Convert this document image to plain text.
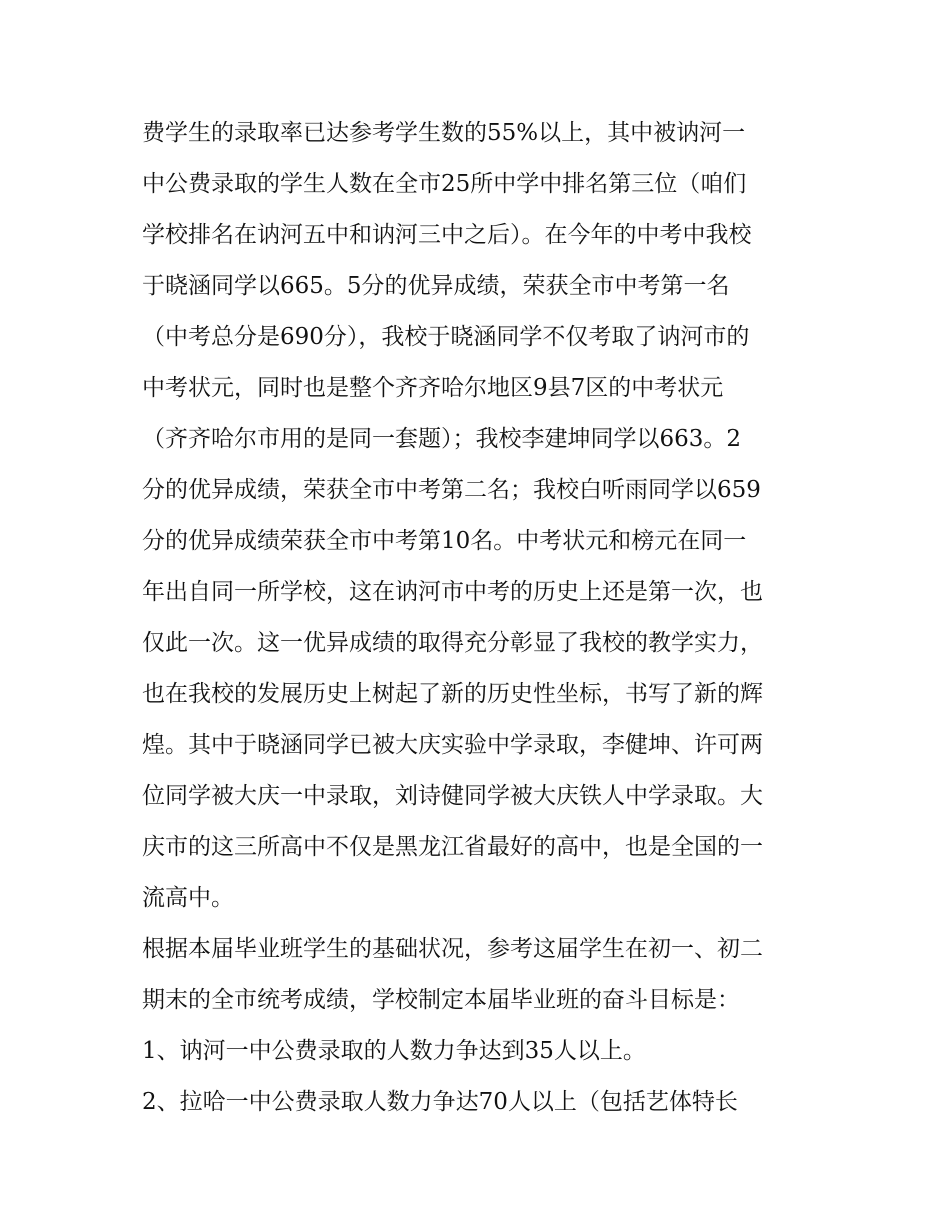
费学生的录取率已达参考学生数的55%以上，其中被讷河一
中公费录取的学生人数在全市25所中学中排名第三位（咱们
学校排名在讷河五中和讷河三中之后）。在今年的中考中我校
于晓涵同学以665。5分的优异成绩，荣获全市中考第一名
（中考总分是690分），我校于晓涵同学不仅考取了讷河市的
中考状元，同时也是整个齐齐哈尔地区9县7区的中考状元
（齐齐哈尔市用的是同一套题）；我校李建坤同学以663。2
分的优异成绩，荣获全市中考第二名；我校白听雨同学以659
分的优异成绩荣获全市中考第10名。中考状元和榜元在同一
年出自同一所学校，这在讷河市中考的历史上还是第一次，也
仅此一次。这一优异成绩的取得充分彰显了我校的教学实力，
也在我校的发展历史上树起了新的历史性坐标，书写了新的辉
煌。其中于晓涵同学已被大庆实验中学录取，李健坤、许可两
位同学被大庆一中录取，刘诗健同学被大庆铁人中学录取。大
庆市的这三所高中不仅是黑龙江省最好的高中，也是全国的一
流高中。
根据本届毕业班学生的基础状况，参考这届学生在初一、初二
期末的全市统考成绩，学校制定本届毕业班的奋斗目标是：
1、讷河一中公费录取的人数力争达到35人以上。
2、拉哈一中公费录取人数力争达70人以上（包括艺体特长
